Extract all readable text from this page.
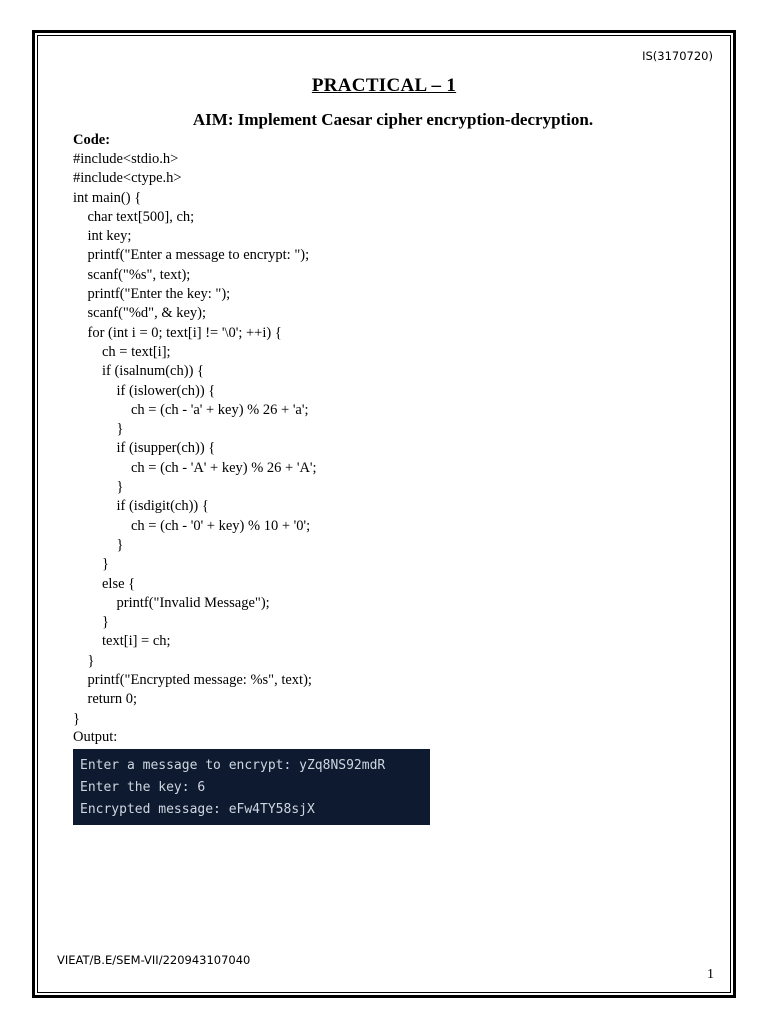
IS(3170720)
PRACTICAL – 1
AIM: Implement Caesar cipher encryption-decryption.
Code:
#include<stdio.h>
#include<ctype.h>
int main() {
char text[500], ch;
int key;
printf("Enter a message to encrypt: ");
scanf("%s", text);
printf("Enter the key: ");
scanf("%d", & key);
for (int i = 0; text[i] != '\0'; ++i) {
ch = text[i];
if (isalnum(ch)) {
if (islower(ch)) {
ch = (ch - 'a' + key) % 26 + 'a';
}
if (isupper(ch)) {
ch = (ch - 'A' + key) % 26 + 'A';
}
if (isdigit(ch)) {
ch = (ch - '0' + key) % 10 + '0';
}
}
else {
printf("Invalid Message");
}
text[i] = ch;
}
printf("Encrypted message: %s", text);
return 0;
}
Output:
Enter a message to encrypt: yZq8NS92mdR
Enter the key: 6
Encrypted message: eFw4TY58sjX
VIEAT/B.E/SEM-VII/220943107040
1
